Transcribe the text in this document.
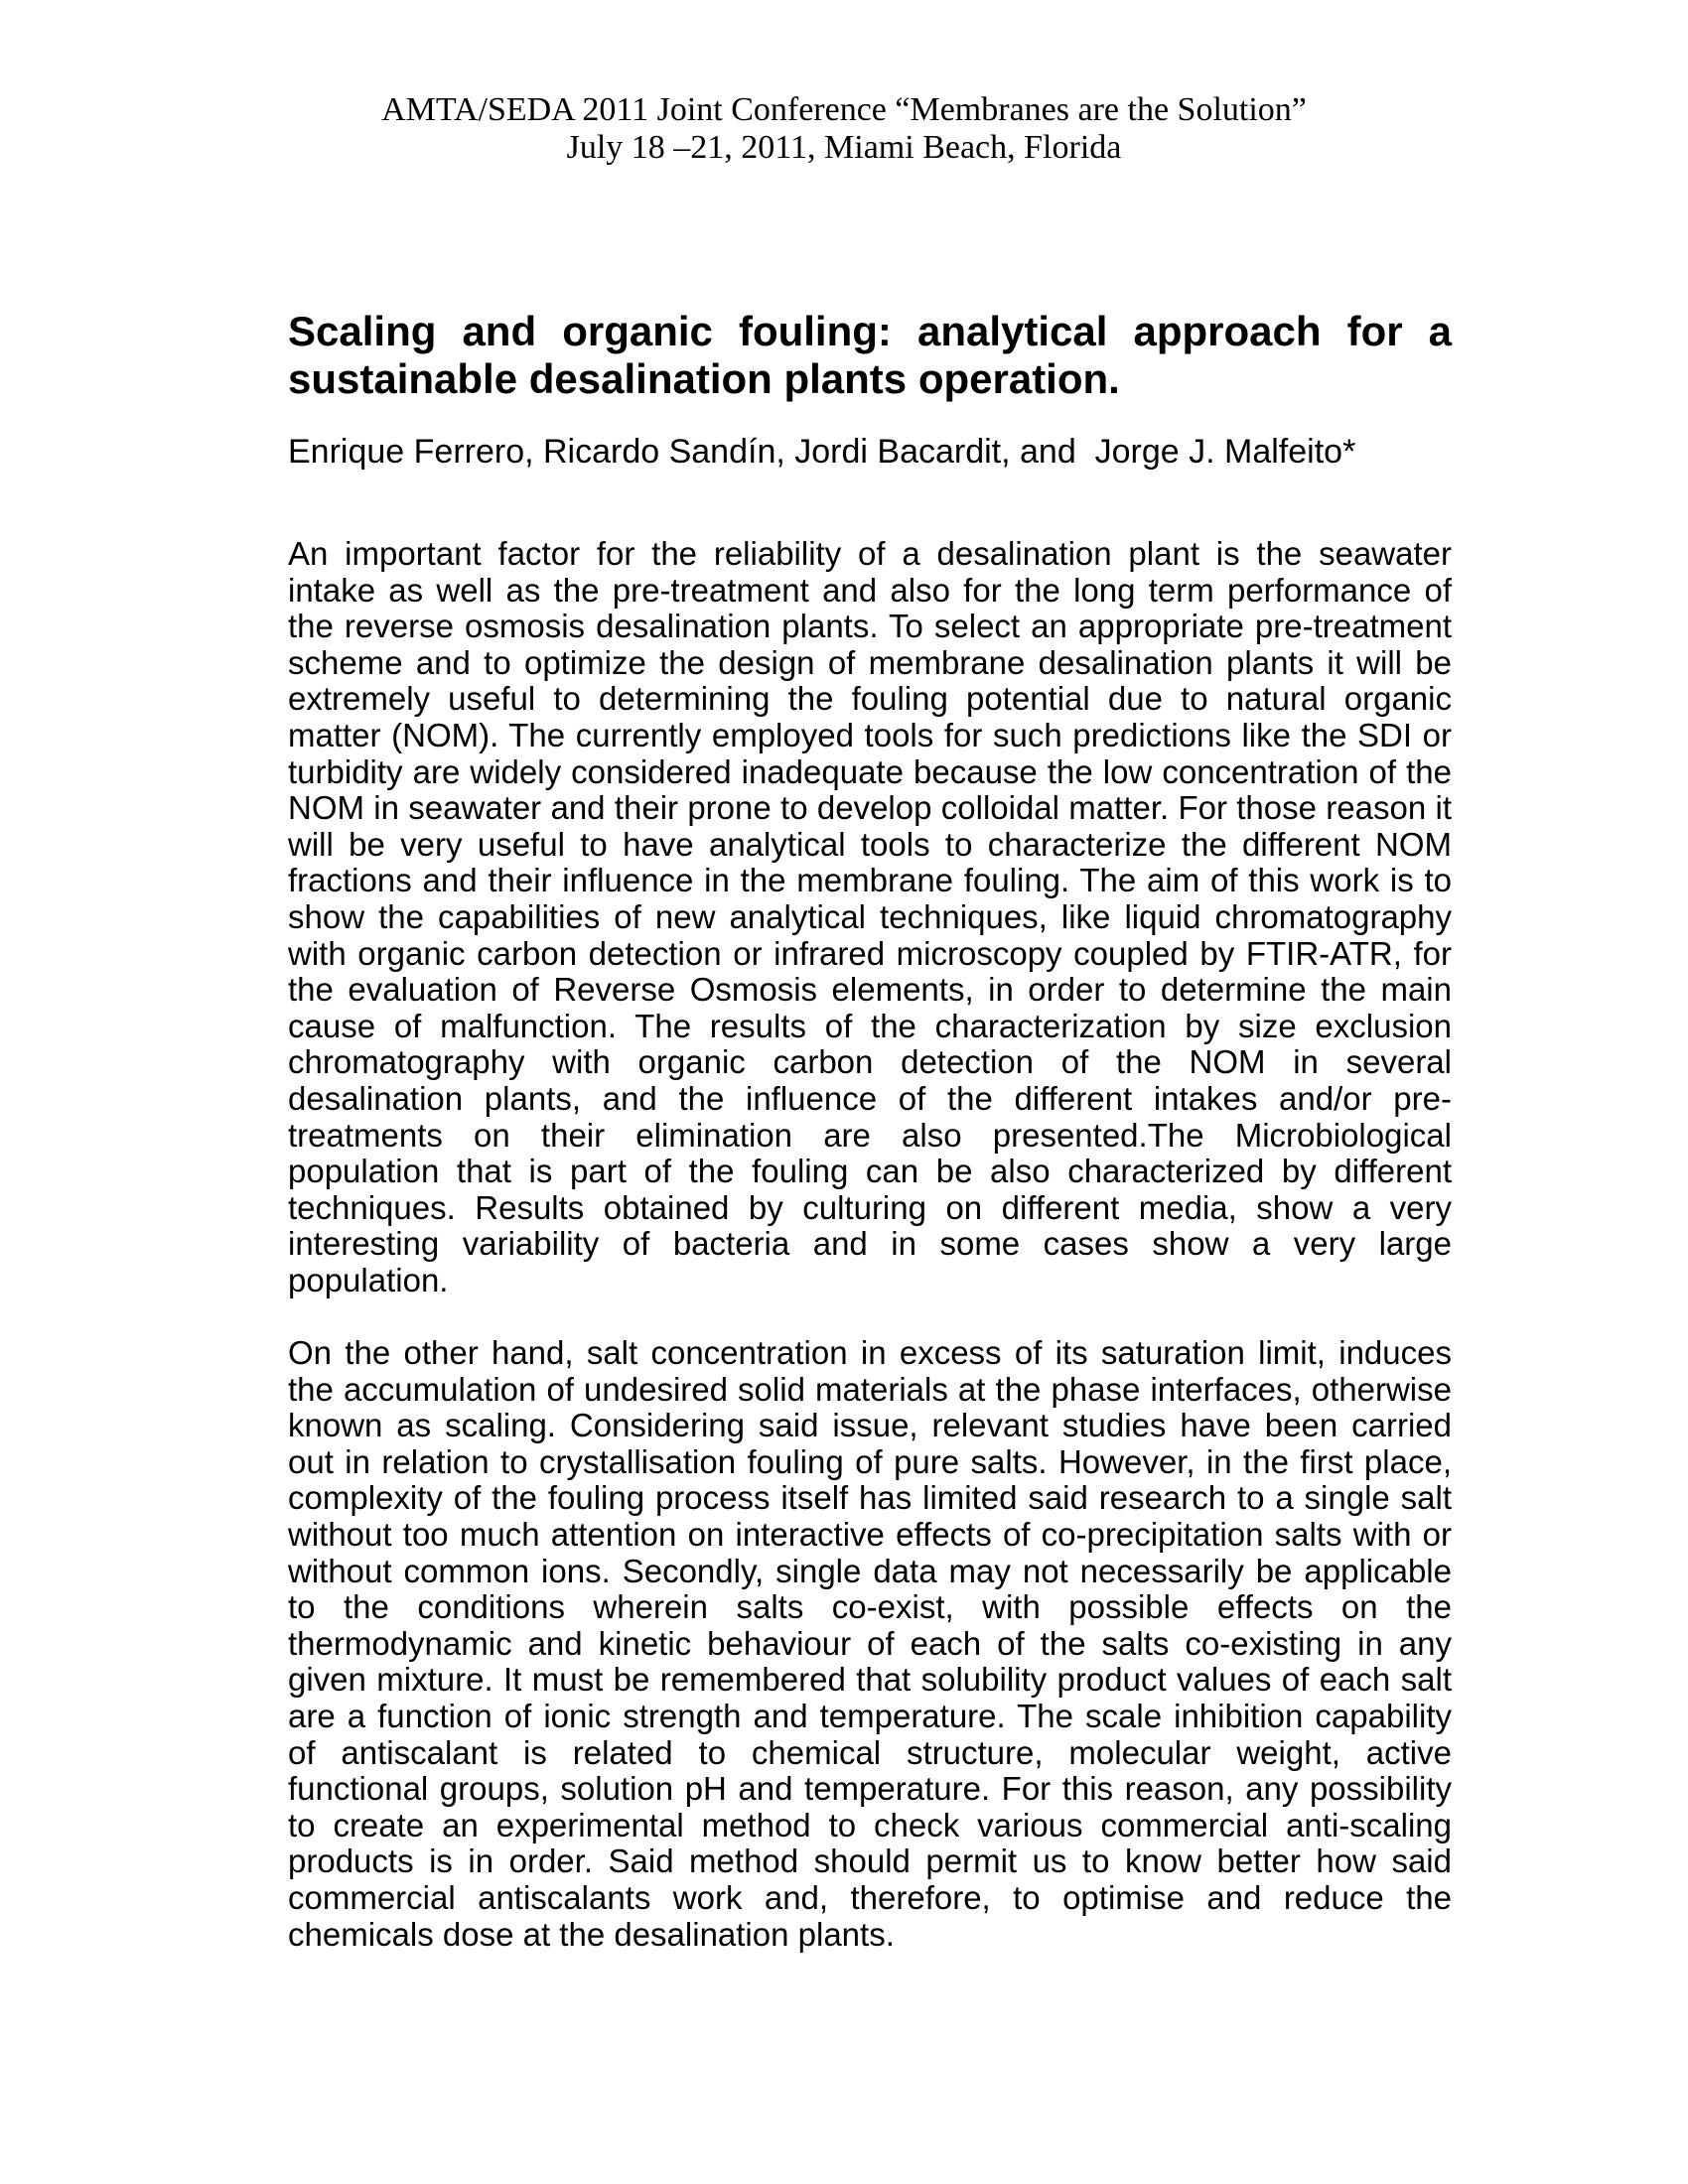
AMTA/SEDA 2011 Joint Conference “Membranes are the Solution”
July 18 –21, 2011, Miami Beach, Florida
Scaling and organic fouling: analytical approach for a
sustainable desalination plants operation.
Enrique Ferrero, Ricardo Sandín, Jordi Bacardit, and  Jorge J. Malfeito*

An important factor for the reliability of a desalination plant is the seawater intake as well as the pre-treatment and also for the long term performance of the reverse osmosis desalination plants. To select an appropriate pre-treatment scheme and to optimize the design of membrane desalination plants it will be extremely useful to determining the fouling potential due to natural organic matter (NOM). The currently employed tools for such predictions like the SDI or turbidity are widely considered inadequate because the low concentration of the NOM in seawater and their prone to develop colloidal matter. For those reason it will be very useful to have analytical tools to characterize the different NOM fractions and their influence in the membrane fouling. The aim of this work is to show the capabilities of new analytical techniques, like liquid chromatography with organic carbon detection or infrared microscopy coupled by FTIR-ATR, for the evaluation of Reverse Osmosis elements, in order to determine the main cause of malfunction. The results of the characterization by size exclusion chromatography with organic carbon detection of the NOM in several desalination plants, and the influence of the different intakes and/or pre-treatments on their elimination are also presented.The Microbiological population that is part of the fouling can be also characterized by different techniques. Results obtained by culturing on different media, show a very interesting variability of bacteria and in some cases show a very large population.

On the other hand, salt concentration in excess of its saturation limit, induces the accumulation of undesired solid materials at the phase interfaces, otherwise known as scaling. Considering said issue, relevant studies have been carried out in relation to crystallisation fouling of pure salts. However, in the first place, complexity of the fouling process itself has limited said research to a single salt without too much attention on interactive effects of co-precipitation salts with or without common ions. Secondly, single data may not necessarily be applicable to the conditions wherein salts co-exist, with possible effects on the thermodynamic and kinetic behaviour of each of the salts co-existing in any given mixture. It must be remembered that solubility product values of each salt are a function of ionic strength and temperature. The scale inhibition capability of antiscalant is related to chemical structure, molecular weight, active functional groups, solution pH and temperature. For this reason, any possibility to create an experimental method to check various commercial anti-scaling products is in order. Said method should permit us to know better how said commercial antiscalants work and, therefore, to optimise and reduce the chemicals dose at the desalination plants.
